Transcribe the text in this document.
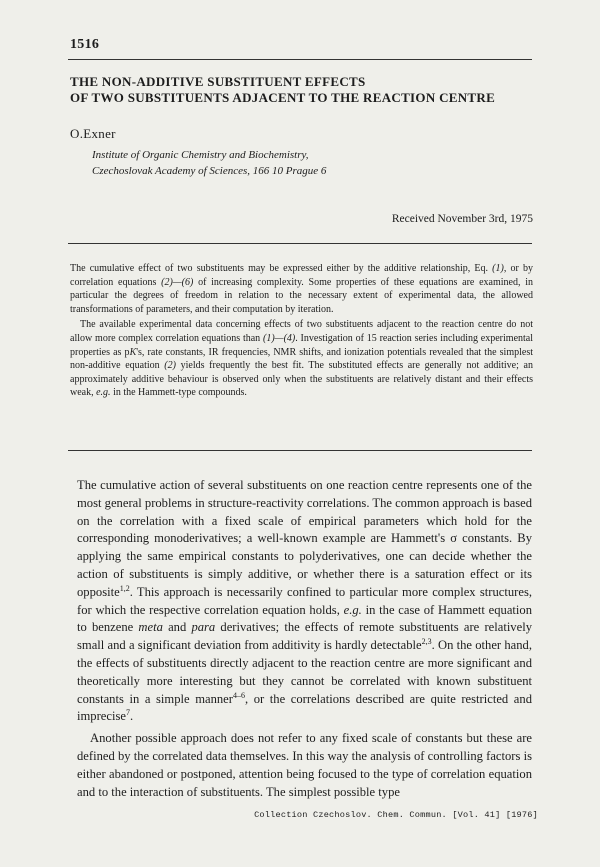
1516
THE NON-ADDITIVE SUBSTITUENT EFFECTS
OF TWO SUBSTITUENTS ADJACENT TO THE REACTION CENTRE
O.Exner
Institute of Organic Chemistry and Biochemistry,
Czechoslovak Academy of Sciences, 166 10 Prague 6
Received November 3rd, 1975

The cumulative effect of two substituents may be expressed either by the additive relationship, Eq. (1), or by correlation equations (2)—(6) of increasing complexity. Some properties of these equations are examined, in particular the degrees of freedom in relation to the necessary extent of experimental data, the allowed transformations of parameters, and their computation by iteration.

The available experimental data concerning effects of two substituents adjacent to the reaction centre do not allow more complex correlation equations than (1)—(4). Investigation of 15 reaction series including experimental properties as pK's, rate constants, IR frequencies, NMR shifts, and ionization potentials revealed that the simplest non-additive equation (2) yields frequently the best fit. The substituted effects are generally not additive; an approximately additive behaviour is observed only when the substituents are relatively distant and their effects weak, e.g. in the Hammett-type compounds.

The cumulative action of several substituents on one reaction centre represents one of the most general problems in structure-reactivity correlations. The common approach is based on the correlation with a fixed scale of empirical parameters which hold for the corresponding monoderivatives; a well-known example are Hammett's σ constants. By applying the same empirical constants to polyderivatives, one can decide whether the action of substituents is simply additive, or whether there is a saturation effect or its opposite$^{1,2}$. This approach is necessarily confined to particular more complex structures, for which the respective correlation equation holds, e.g. in the case of Hammett equation to benzene meta and para derivatives; the effects of remote substituents are relatively small and a significant deviation from additivity is hardly detectable$^{2,3}$. On the other hand, the effects of substituents directly adjacent to the reaction centre are more significant and theoretically more interesting but they cannot be correlated with known substituent constants in a simple manner$^{4-6}$, or the correlations described are quite restricted and imprecise$^7$.

Another possible approach does not refer to any fixed scale of constants but these are defined by the correlated data themselves. In this way the analysis of controlling factors is either abandoned or postponed, attention being focused to the type of correlation equation and to the interaction of substituents. The simplest possible type

Collection Czechoslov. Chem. Commun. [Vol. 41] [1976]
